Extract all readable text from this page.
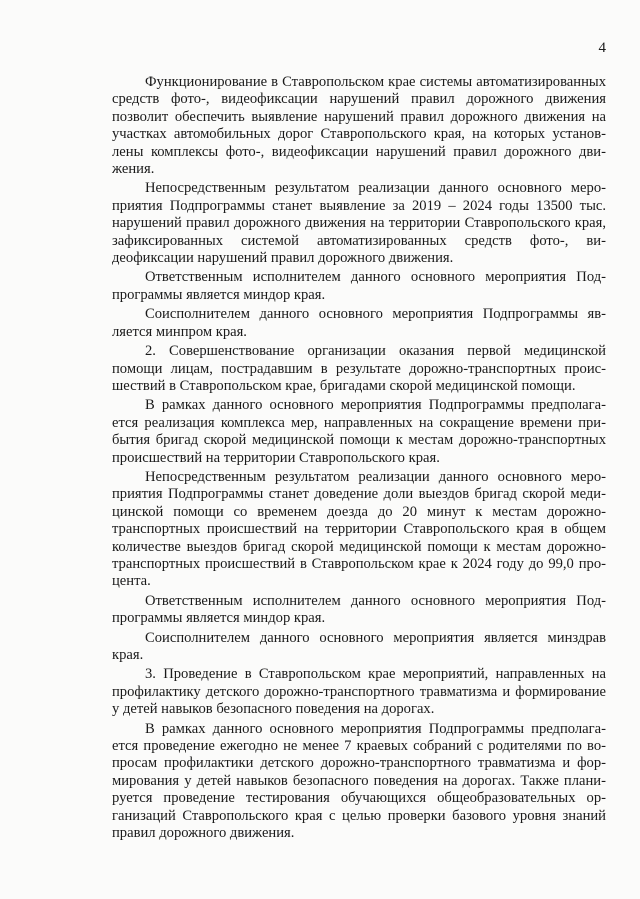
4

Функционирование в Ставропольском крае системы автоматизированных средств фото-, видеофиксации нарушений правил дорожного движения позволит обеспечить выявление нарушений правил дорожного движения на участках автомобильных дорог Ставропольского края, на которых установлены комплексы фото-, видеофиксации нарушений правил дорожного движения.

Непосредственным результатом реализации данного основного мероприятия Подпрограммы станет выявление за 2019 – 2024 годы 13500 тыс. нарушений правил дорожного движения на территории Ставропольского края, зафиксированных системой автоматизированных средств фото-, видеофиксации нарушений правил дорожного движения.

Ответственным исполнителем данного основного мероприятия Подпрограммы является миндор края.

Соисполнителем данного основного мероприятия Подпрограммы является минпром края.

2. Совершенствование организации оказания первой медицинской помощи лицам, пострадавшим в результате дорожно-транспортных происшествий в Ставропольском крае, бригадами скорой медицинской помощи.

В рамках данного основного мероприятия Подпрограммы предполагается реализация комплекса мер, направленных на сокращение времени прибытия бригад скорой медицинской помощи к местам дорожно-транспортных происшествий на территории Ставропольского края.

Непосредственным результатом реализации данного основного мероприятия Подпрограммы станет доведение доли выездов бригад скорой медицинской помощи со временем доезда до 20 минут к местам дорожно-транспортных происшествий на территории Ставропольского края в общем количестве выездов бригад скорой медицинской помощи к местам дорожно-транспортных происшествий в Ставропольском крае к 2024 году до 99,0 процента.

Ответственным исполнителем данного основного мероприятия Подпрограммы является миндор края.

Соисполнителем данного основного мероприятия является минздрав края.

3. Проведение в Ставропольском крае мероприятий, направленных на профилактику детского дорожно-транспортного травматизма и формирование у детей навыков безопасного поведения на дорогах.

В рамках данного основного мероприятия Подпрограммы предполагается проведение ежегодно не менее 7 краевых собраний с родителями по вопросам профилактики детского дорожно-транспортного травматизма и формирования у детей навыков безопасного поведения на дорогах. Также планируется проведение тестирования обучающихся общеобразовательных организаций Ставропольского края с целью проверки базового уровня знаний правил дорожного движения.
